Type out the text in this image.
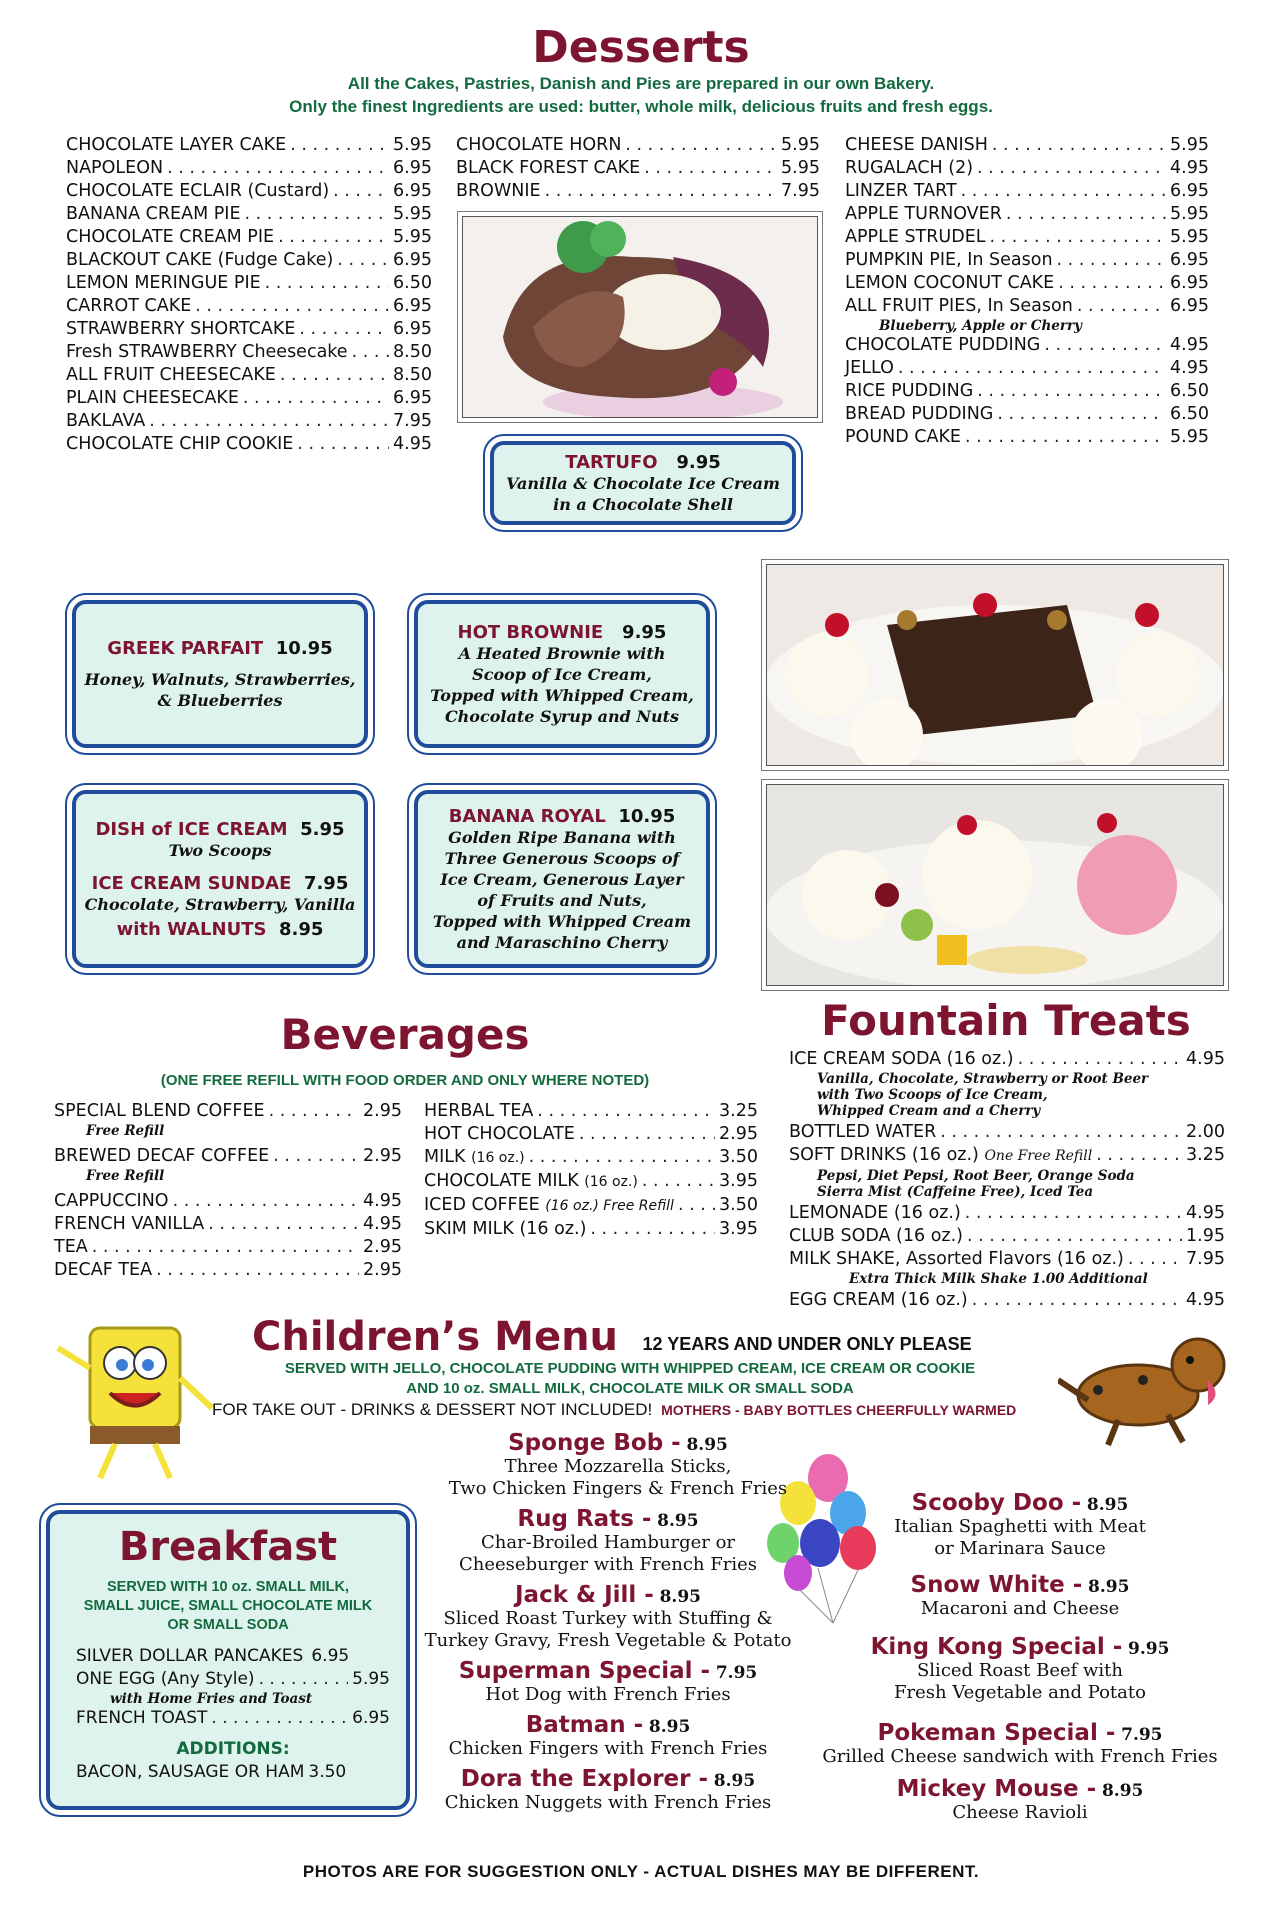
Desserts
All the Cakes, Pastries, Danish and Pies are prepared in our own Bakery.
Only the finest Ingredients are used: butter, whole milk, delicious fruits and fresh eggs.
CHOCOLATE LAYER CAKE . . .	5.95
NAPOLEON . . .	6.95
CHOCOLATE ECLAIR (Custard) . . .	6.95
BANANA CREAM PIE . . .	5.95
CHOCOLATE CREAM PIE . . .	5.95
BLACKOUT CAKE (Fudge Cake) . . .	6.95
LEMON MERINGUE PIE . . .	6.50
CARROT CAKE . . .	6.95
STRAWBERRY SHORTCAKE . . .	6.95
Fresh STRAWBERRY Cheesecake . . .	8.50
ALL FRUIT CHEESECAKE . . .	8.50
PLAIN CHEESECAKE . . .	6.95
BAKLAVA . . .	7.95
CHOCOLATE CHIP COOKIE . . .	4.95
CHOCOLATE HORN . . .	5.95
BLACK FOREST CAKE . . .	5.95
BROWNIE . . .	7.95
TARTUFO 9.95
Vanilla & Chocolate Ice Cream
in a Chocolate Shell
CHEESE DANISH . . .	5.95
RUGALACH (2) . . .	4.95
LINZER TART . . .	6.95
APPLE TURNOVER . . .	5.95
APPLE STRUDEL . . .	5.95
PUMPKIN PIE, In Season . . .	6.95
LEMON COCONUT CAKE . . .	6.95
ALL FRUIT PIES, In Season . . .	6.95
Blueberry, Apple or Cherry
CHOCOLATE PUDDING . . .	4.95
JELLO . . .	4.95
RICE PUDDING . . .	6.50
BREAD PUDDING . . .	6.50
POUND CAKE . . .	5.95
GREEK PARFAIT 10.95
Honey, Walnuts, Strawberries,
& Blueberries
HOT BROWNIE 9.95
A Heated Brownie with
Scoop of Ice Cream,
Topped with Whipped Cream,
Chocolate Syrup and Nuts
DISH of ICE CREAM 5.95
Two Scoops
ICE CREAM SUNDAE 7.95
Chocolate, Strawberry, Vanilla
with WALNUTS 8.95
BANANA ROYAL 10.95
Golden Ripe Banana with
Three Generous Scoops of
Ice Cream, Generous Layer
of Fruits and Nuts,
Topped with Whipped Cream
and Maraschino Cherry
Beverages
(ONE FREE REFILL WITH FOOD ORDER AND ONLY WHERE NOTED)
SPECIAL BLEND COFFEE . . .	2.95
Free Refill
BREWED DECAF COFFEE . . .	2.95
Free Refill
CAPPUCCINO . . .	4.95
FRENCH VANILLA . . .	4.95
TEA . . .	2.95
DECAF TEA . . .	2.95
HERBAL TEA . . .	3.25
HOT CHOCOLATE . . .	2.95
MILK (16 oz.) . . .	3.50
CHOCOLATE MILK (16 oz.) . . .	3.95
ICED COFFEE (16 oz.) Free Refill . . .	3.50
SKIM MILK (16 oz.) . . .	3.95
Fountain Treats
ICE CREAM SODA (16 oz.) . . .	4.95
Vanilla, Chocolate, Strawberry or Root Beer
with Two Scoops of Ice Cream,
Whipped Cream and a Cherry
BOTTLED WATER . . .	2.00
SOFT DRINKS (16 oz.) One Free Refill . . .	3.25
Pepsi, Diet Pepsi, Root Beer, Orange Soda
Sierra Mist (Caffeine Free), Iced Tea
LEMONADE (16 oz.) . . .	4.95
CLUB SODA (16 oz.) . . .	1.95
MILK SHAKE, Assorted Flavors (16 oz.) . . .	7.95
Extra Thick Milk Shake 1.00 Additional
EGG CREAM (16 oz.) . . .	4.95
Children’s Menu 12 YEARS AND UNDER ONLY PLEASE
SERVED WITH JELLO, CHOCOLATE PUDDING WITH WHIPPED CREAM, ICE CREAM OR COOKIE
AND 10 oz. SMALL MILK, CHOCOLATE MILK OR SMALL SODA
FOR TAKE OUT - DRINKS & DESSERT NOT INCLUDED! MOTHERS - BABY BOTTLES CHEERFULLY WARMED
Sponge Bob - 8.95
Three Mozzarella Sticks,
Two Chicken Fingers & French Fries
Rug Rats - 8.95
Char-Broiled Hamburger or
Cheeseburger with French Fries
Jack & Jill - 8.95
Sliced Roast Turkey with Stuffing &
Turkey Gravy, Fresh Vegetable & Potato
Superman Special - 7.95
Hot Dog with French Fries
Batman - 8.95
Chicken Fingers with French Fries
Dora the Explorer - 8.95
Chicken Nuggets with French Fries
Scooby Doo - 8.95
Italian Spaghetti with Meat
or Marinara Sauce
Snow White - 8.95
Macaroni and Cheese
King Kong Special - 9.95
Sliced Roast Beef with
Fresh Vegetable and Potato
Pokeman Special - 7.95
Grilled Cheese sandwich with French Fries
Mickey Mouse - 8.95
Cheese Ravioli
Breakfast
SERVED WITH 10 oz. SMALL MILK,
SMALL JUICE, SMALL CHOCOLATE MILK
OR SMALL SODA
SILVER DOLLAR PANCAKES 6.95
ONE EGG (Any Style) . . .	5.95
with Home Fries and Toast
FRENCH TOAST . . .	6.95
ADDITIONS:
BACON, SAUSAGE OR HAM 3.50
PHOTOS ARE FOR SUGGESTION ONLY - ACTUAL DISHES MAY BE DIFFERENT.
